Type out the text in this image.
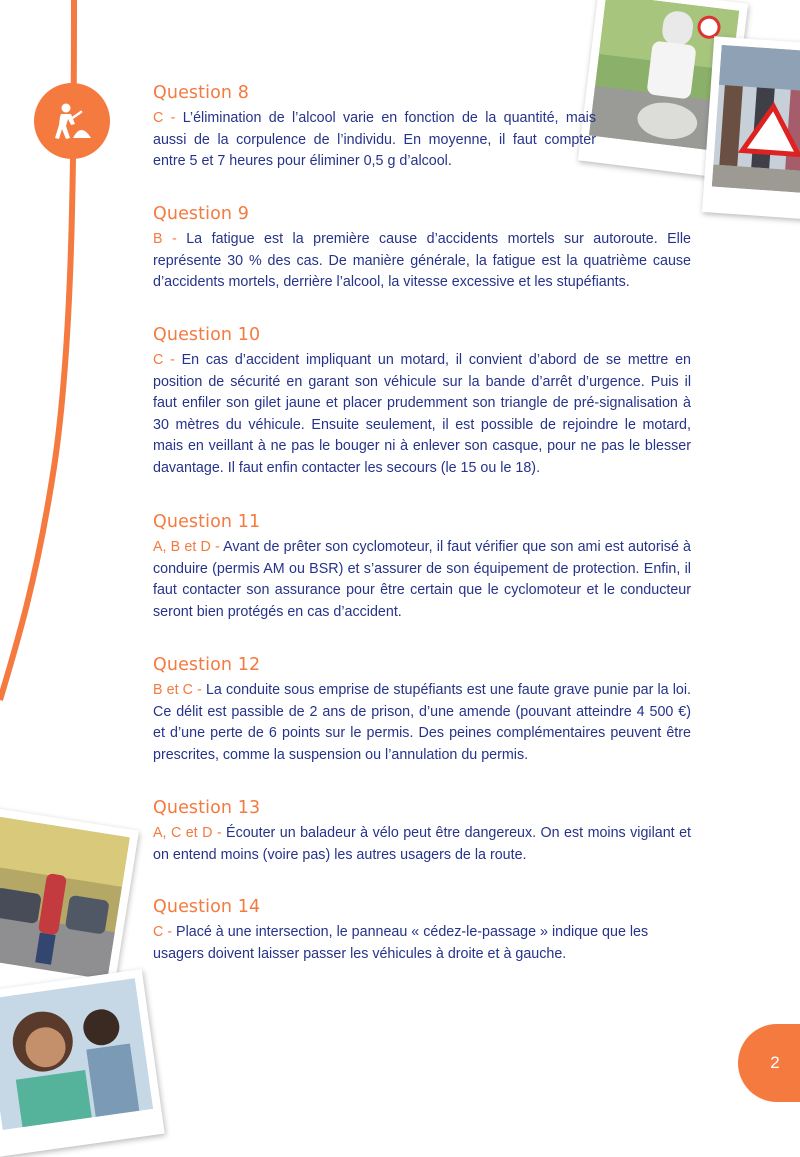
Question 8

C - L’élimination de l’alcool varie en fonction de la quantité, mais aussi de la corpulence de l’individu. En moyenne, il faut compter entre 5 et 7 heures pour éliminer 0,5 g d’alcool.

Question 9

B - La fatigue est la première cause d’accidents mortels sur autoroute. Elle représente 30 % des cas. De manière générale, la fatigue est la quatrième cause d’accidents mortels, derrière l’alcool, la vitesse excessive et les stupéfiants.

Question 10

C - En cas d’accident impliquant un motard, il convient d’abord de se mettre en position de sécurité en garant son véhicule sur la bande d’arrêt d’urgence. Puis il faut enfiler son gilet jaune et placer prudemment son triangle de pré-signalisation à 30 mètres du véhicule. Ensuite seulement, il est possible de rejoindre le motard, mais en veillant à ne pas le bouger ni à enlever son casque, pour ne pas le blesser davantage. Il faut enfin contacter les secours (le 15 ou le 18).

Question 11

A, B et D - Avant de prêter son cyclomoteur, il faut vérifier que son ami est autorisé à conduire (permis AM ou BSR) et s’assurer de son équipement de protection. Enfin, il faut contacter son assurance pour être certain que le cyclomoteur et le conducteur seront bien protégés en cas d’accident.

Question 12

B et C - La conduite sous emprise de stupéfiants est une faute grave punie par la loi. Ce délit est passible de 2 ans de prison, d’une amende (pouvant atteindre 4 500 €) et d’une perte de 6 points sur le permis. Des peines complémentaires peuvent être prescrites, comme la suspension ou l’annulation du permis.

Question 13

A, C et D - Écouter un baladeur à vélo peut être dangereux. On est moins vigilant et on entend moins (voire pas) les autres usagers de la route.

Question 14

C - Placé à une intersection, le panneau « cédez-le-passage » indique que les usagers doivent laisser passer les véhicules à droite et à gauche.

2
